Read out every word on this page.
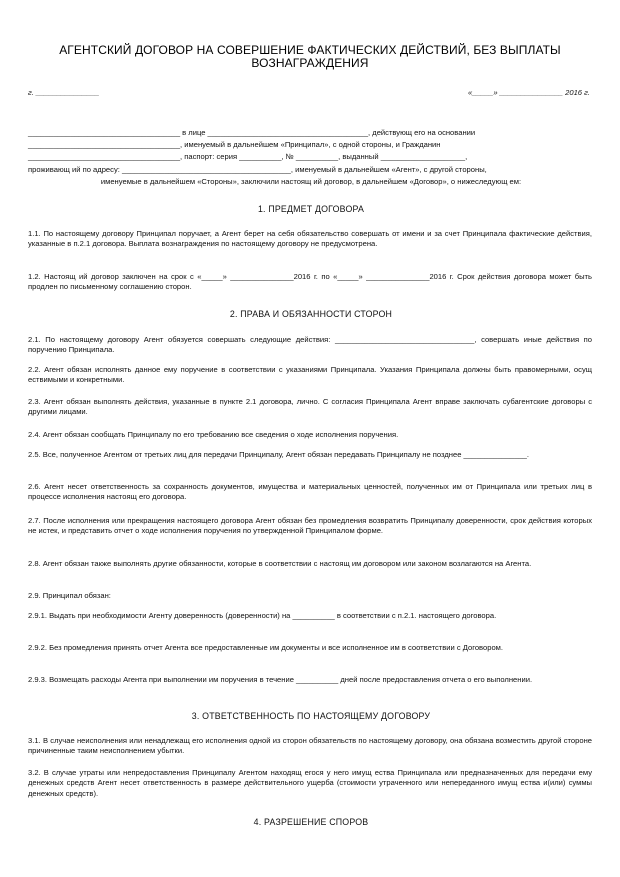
АГЕНТСКИЙ ДОГОВОР НА СОВЕРШЕНИЕ ФАКТИЧЕСКИХ ДЕЙСТВИЙ, БЕЗ ВЫПЛАТЫ
ВОЗНАГРАЖДЕНИЯ
г. _______________	«_____» _______________ 2016 г.
____________________________________ в лице ______________________________________, действующ его на основании
____________________________________, именуемый в дальнейшем «Принципал», с одной стороны, и Гражданин
____________________________________, паспорт: серия __________, № __________, выданный ____________________,
проживающ ий по адресу: ________________________________________, именуемый в дальнейшем «Агент», с другой стороны,
именуемые в дальнейшем «Стороны», заключили настоящ ий договор, в дальнейшем «Договор», о нижеследующ ем:
1. ПРЕДМЕТ ДОГОВОРА
1.1. По настоящему договору Принципал поручает, а Агент берет на себя обязательство совершать от имени и за счет Принципала фактические действия, указанные в п.2.1 договора. Выплата вознаграждения по настоящему договору не предусмотрена.
1.2. Настоящ ий договор заключен на срок с «_____» _______________2016 г. по «_____» _______________2016 г. Срок действия договора может быть продлен по письменному соглашению сторон.
2. ПРАВА И ОБЯЗАННОСТИ СТОРОН
2.1. По настоящему договору Агент обязуется совершать следующие действия: _________________________________, совершать иные действия по поручению Принципала.
2.2. Агент обязан исполнять данное ему поручение в соответствии с указаниями Принципала. Указания Принципала должны быть правомерными, осущ ествимыми и конкретными.
2.3. Агент обязан выполнять действия, указанные в пункте 2.1 договора, лично. С согласия Принципала Агент вправе заключать субагентские договоры с другими лицами.
2.4. Агент обязан сообщать Принципалу по его требованию все сведения о ходе исполнения поручения.
2.5. Все, полученное Агентом от третьих лиц для передачи Принципалу, Агент обязан передавать Принципалу не позднее _______________.
2.6. Агент несет ответственность за сохранность документов, имущества и материальных ценностей, полученных им от Принципала или третьих лиц в процессе исполнения настоящ его договора.
2.7. После исполнения или прекращения настоящего договора Агент обязан без промедления возвратить Принципалу доверенности, срок действия которых не истек, и представить отчет о ходе исполнения поручения по утвержденной Принципалом форме.
2.8. Агент обязан также выполнять другие обязанности, которые в соответствии с настоящ им договором или законом возлагаются на Агента.
2.9. Принципал обязан:
2.9.1. Выдать при необходимости Агенту доверенность (доверенности) на __________ в соответствии с п.2.1. настоящего договора.
2.9.2. Без промедления принять отчет Агента все предоставленные им документы и все исполненное им в соответствии с Договором.
2.9.3. Возмещать расходы Агента при выполнении им поручения в течение __________ дней после предоставления отчета о его выполнении.
3. ОТВЕТСТВЕННОСТЬ ПО НАСТОЯЩЕМУ ДОГОВОРУ
3.1. В случае неисполнения или ненадлежащ его исполнения одной из сторон обязательств по настоящему договору, она обязана возместить другой стороне причиненные таким неисполнением убытки.
3.2. В случае утраты или непредоставления Принципалу Агентом находящ егося у него имущ ества Принципала или предназначенных для передачи ему денежных средств Агент несет ответственность в размере действительного ущерба (стоимости утраченного или непереданного имущ ества и(или) суммы денежных средств).
4. РАЗРЕШЕНИЕ СПОРОВ
